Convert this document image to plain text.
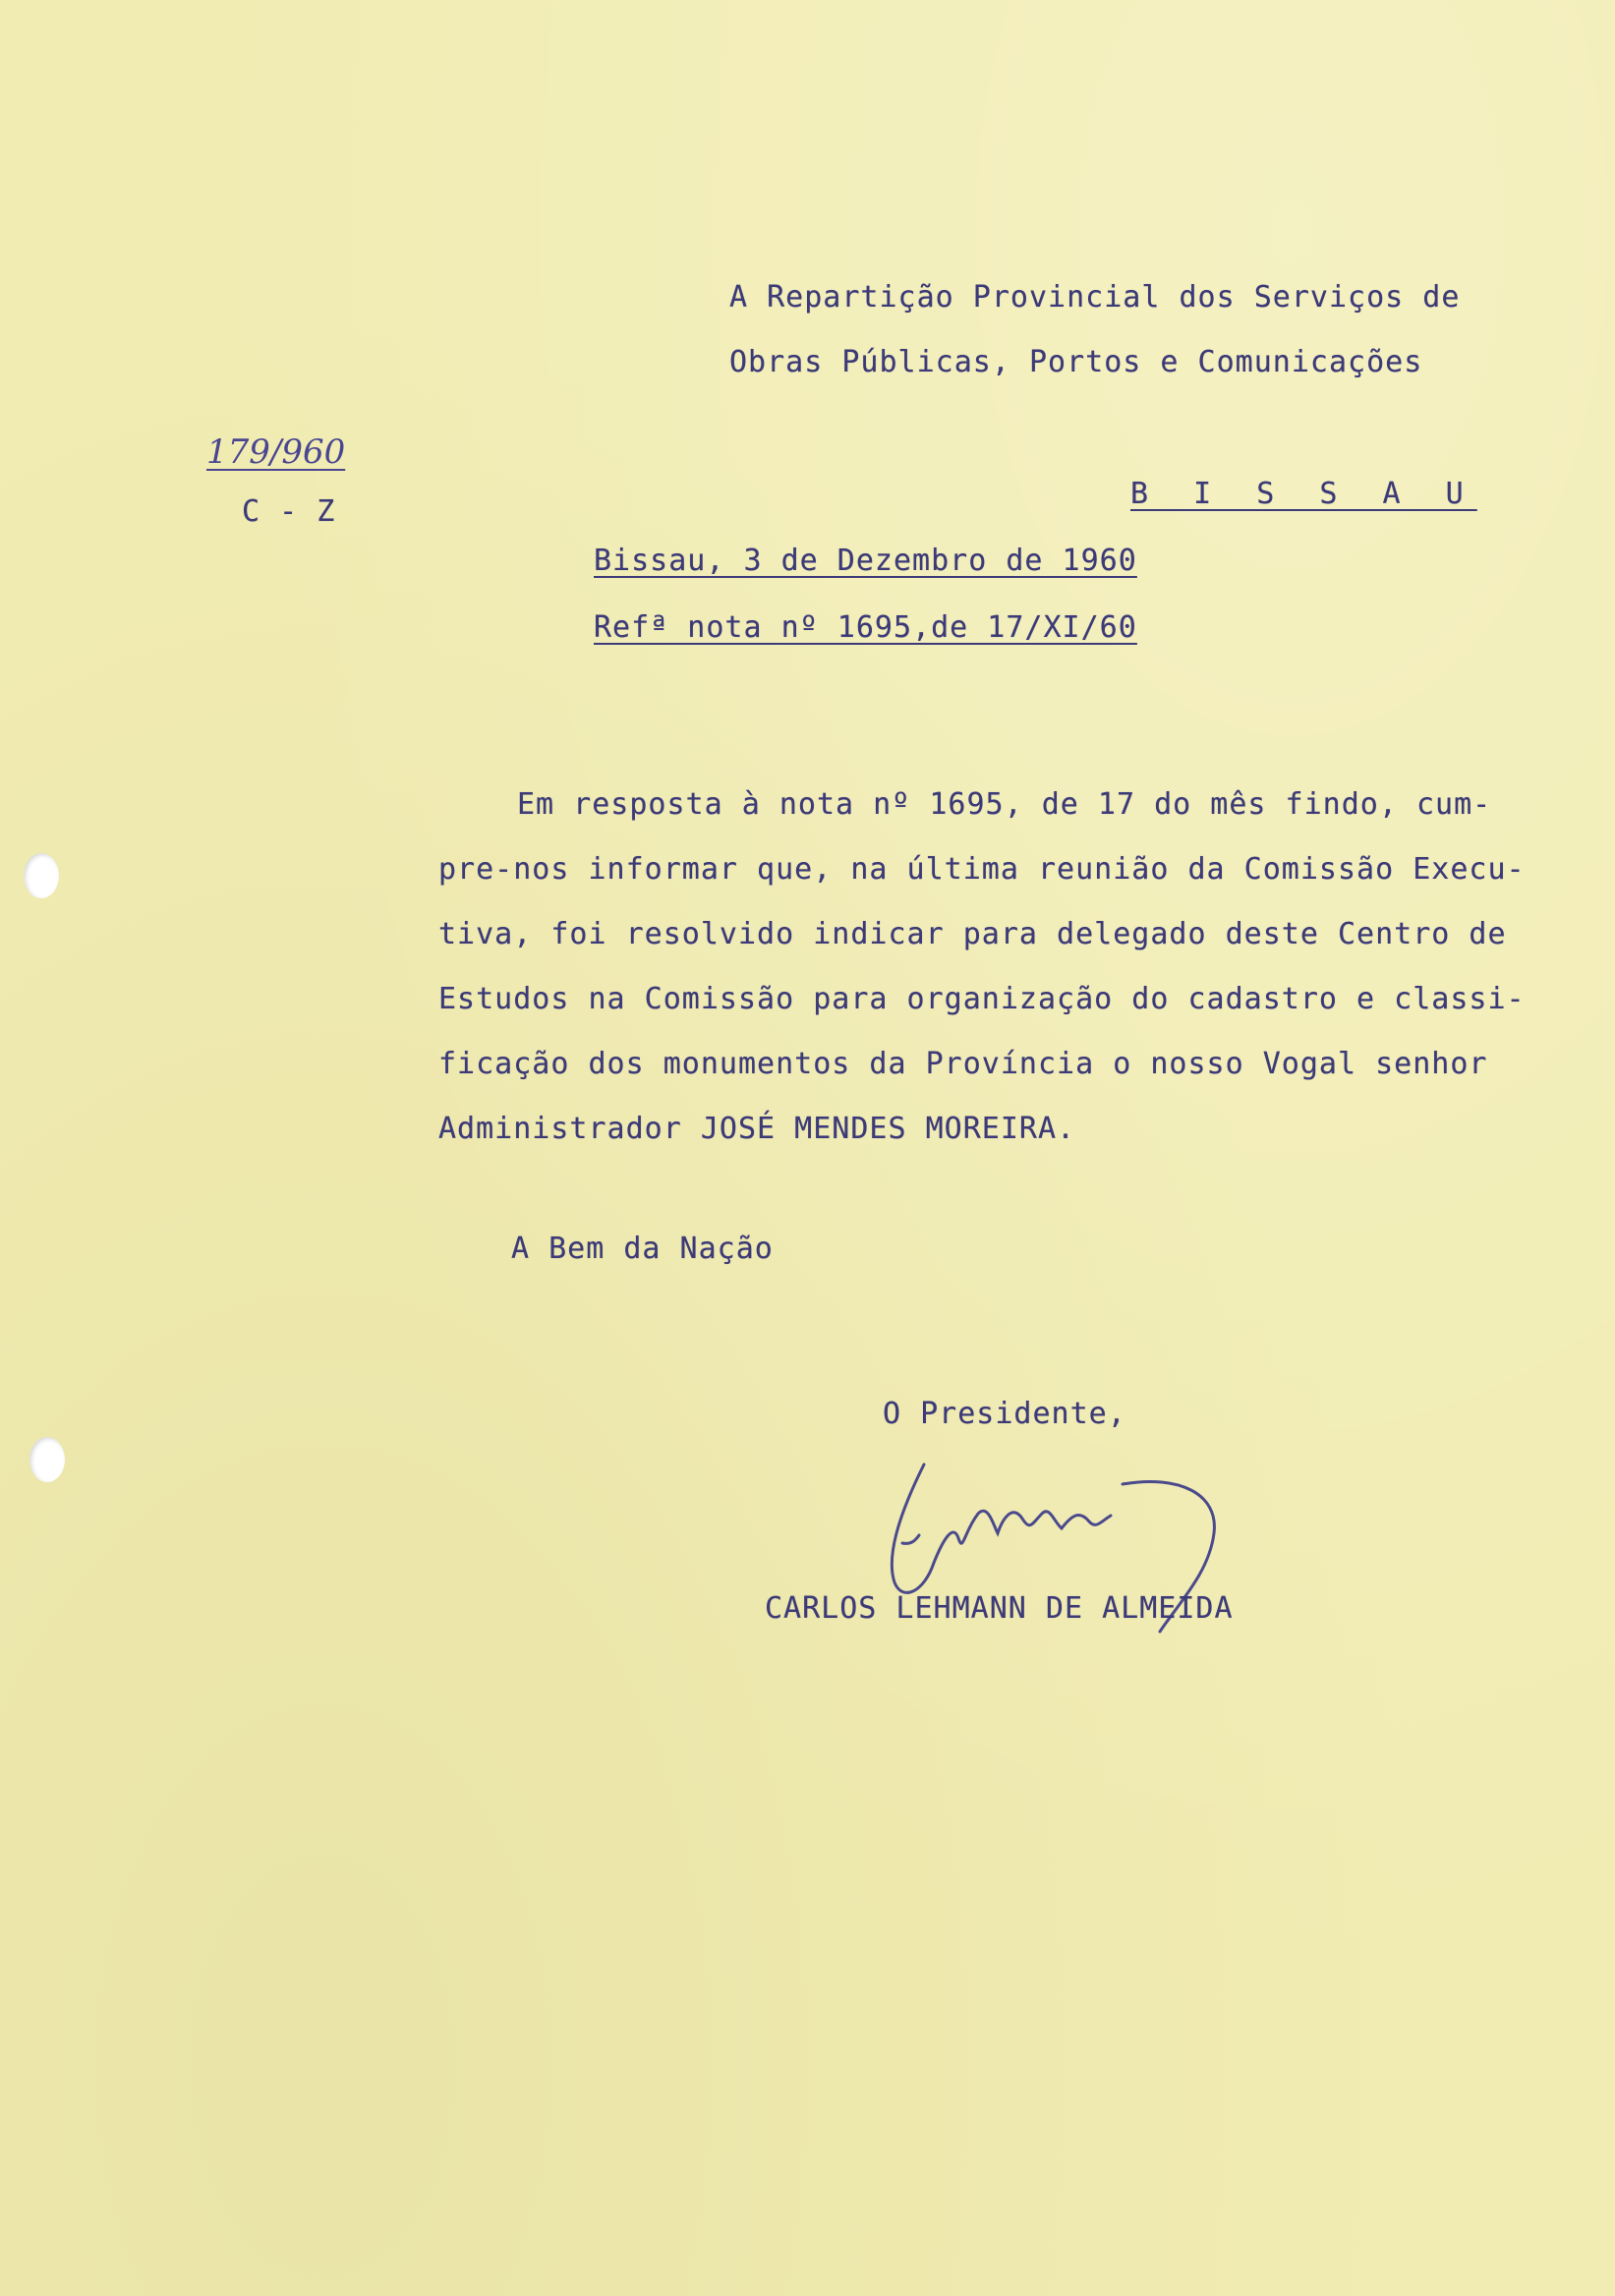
A Repartição Provincial dos Serviços de
Obras Públicas, Portos e Comunicações
179/960
C - Z
B I S S A U
Bissau, 3 de Dezembro de 1960
Refª nota nº 1695,de 17/XI/60
Em resposta à nota nº 1695, de 17 do mês findo, cum-
pre-nos informar que, na última reunião da Comissão Execu-
tiva, foi resolvido indicar para delegado deste Centro de
Estudos na Comissão para organização do cadastro e classi-
ficação dos monumentos da Província o nosso Vogal senhor
Administrador JOSÉ MENDES MOREIRA.
A Bem da Nação
O Presidente,
CARLOS LEHMANN DE ALMEIDA
